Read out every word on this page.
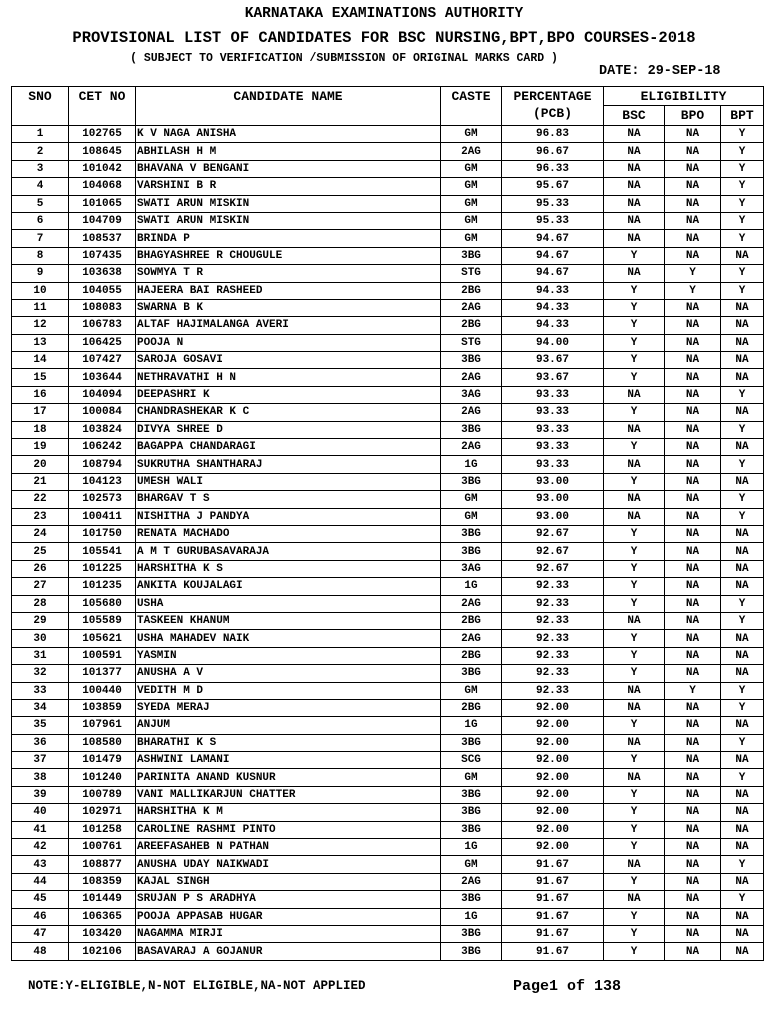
KARNATAKA EXAMINATIONS AUTHORITY
PROVISIONAL LIST OF CANDIDATES FOR BSC NURSING,BPT,BPO COURSES-2018
( SUBJECT TO VERIFICATION /SUBMISSION OF ORIGINAL MARKS CARD )
DATE: 29-SEP-18
SNO	CET NO	CANDIDATE NAME	CASTE	PERCENTAGE
(PCB)	ELIGIBILITY		
					BSC	BPO	BPT
1	102765	K V NAGA ANISHA	GM	96.83	NA	NA	Y
2	108645	ABHILASH H M	2AG	96.67	NA	NA	Y
3	101042	BHAVANA V BENGANI	GM	96.33	NA	NA	Y
4	104068	VARSHINI B R	GM	95.67	NA	NA	Y
5	101065	SWATI ARUN MISKIN	GM	95.33	NA	NA	Y
6	104709	SWATI ARUN MISKIN	GM	95.33	NA	NA	Y
7	108537	BRINDA P	GM	94.67	NA	NA	Y
8	107435	BHAGYASHREE R CHOUGULE	3BG	94.67	Y	NA	NA
9	103638	SOWMYA T R	STG	94.67	NA	Y	Y
10	104055	HAJEERA BAI RASHEED	2BG	94.33	Y	Y	Y
11	108083	SWARNA B K	2AG	94.33	Y	NA	NA
12	106783	ALTAF HAJIMALANGA AVERI	2BG	94.33	Y	NA	NA
13	106425	POOJA N	STG	94.00	Y	NA	NA
14	107427	SAROJA GOSAVI	3BG	93.67	Y	NA	NA
15	103644	NETHRAVATHI H N	2AG	93.67	Y	NA	NA
16	104094	DEEPASHRI K	3AG	93.33	NA	NA	Y
17	100084	CHANDRASHEKAR K C	2AG	93.33	Y	NA	NA
18	103824	DIVYA SHREE D	3BG	93.33	NA	NA	Y
19	106242	BAGAPPA CHANDARAGI	2AG	93.33	Y	NA	NA
20	108794	SUKRUTHA SHANTHARAJ	1G	93.33	NA	NA	Y
21	104123	UMESH WALI	3BG	93.00	Y	NA	NA
22	102573	BHARGAV T S	GM	93.00	NA	NA	Y
23	100411	NISHITHA J PANDYA	GM	93.00	NA	NA	Y
24	101750	RENATA MACHADO	3BG	92.67	Y	NA	NA
25	105541	A M T GURUBASAVARAJA	3BG	92.67	Y	NA	NA
26	101225	HARSHITHA K S	3AG	92.67	Y	NA	NA
27	101235	ANKITA KOUJALAGI	1G	92.33	Y	NA	NA
28	105680	USHA	2AG	92.33	Y	NA	Y
29	105589	TASKEEN KHANUM	2BG	92.33	NA	NA	Y
30	105621	USHA MAHADEV NAIK	2AG	92.33	Y	NA	NA
31	100591	YASMIN	2BG	92.33	Y	NA	NA
32	101377	ANUSHA A V	3BG	92.33	Y	NA	NA
33	100440	VEDITH M D	GM	92.33	NA	Y	Y
34	103859	SYEDA MERAJ	2BG	92.00	NA	NA	Y
35	107961	ANJUM	1G	92.00	Y	NA	NA
36	108580	BHARATHI K S	3BG	92.00	NA	NA	Y
37	101479	ASHWINI LAMANI	SCG	92.00	Y	NA	NA
38	101240	PARINITA ANAND KUSNUR	GM	92.00	NA	NA	Y
39	100789	VANI MALLIKARJUN CHATTER	3BG	92.00	Y	NA	NA
40	102971	HARSHITHA K M	3BG	92.00	Y	NA	NA
41	101258	CAROLINE RASHMI PINTO	3BG	92.00	Y	NA	NA
42	100761	AREEFASAHEB N PATHAN	1G	92.00	Y	NA	NA
43	108877	ANUSHA UDAY NAIKWADI	GM	91.67	NA	NA	Y
44	108359	KAJAL SINGH	2AG	91.67	Y	NA	NA
45	101449	SRUJAN P S ARADHYA	3BG	91.67	NA	NA	Y
46	106365	POOJA APPASAB HUGAR	1G	91.67	Y	NA	NA
47	103420	NAGAMMA MIRJI	3BG	91.67	Y	NA	NA
48	102106	BASAVARAJ A GOJANUR	3BG	91.67	Y	NA	NA
NOTE:Y-ELIGIBLE,N-NOT ELIGIBLE,NA-NOT APPLIED	Page1 of 138
